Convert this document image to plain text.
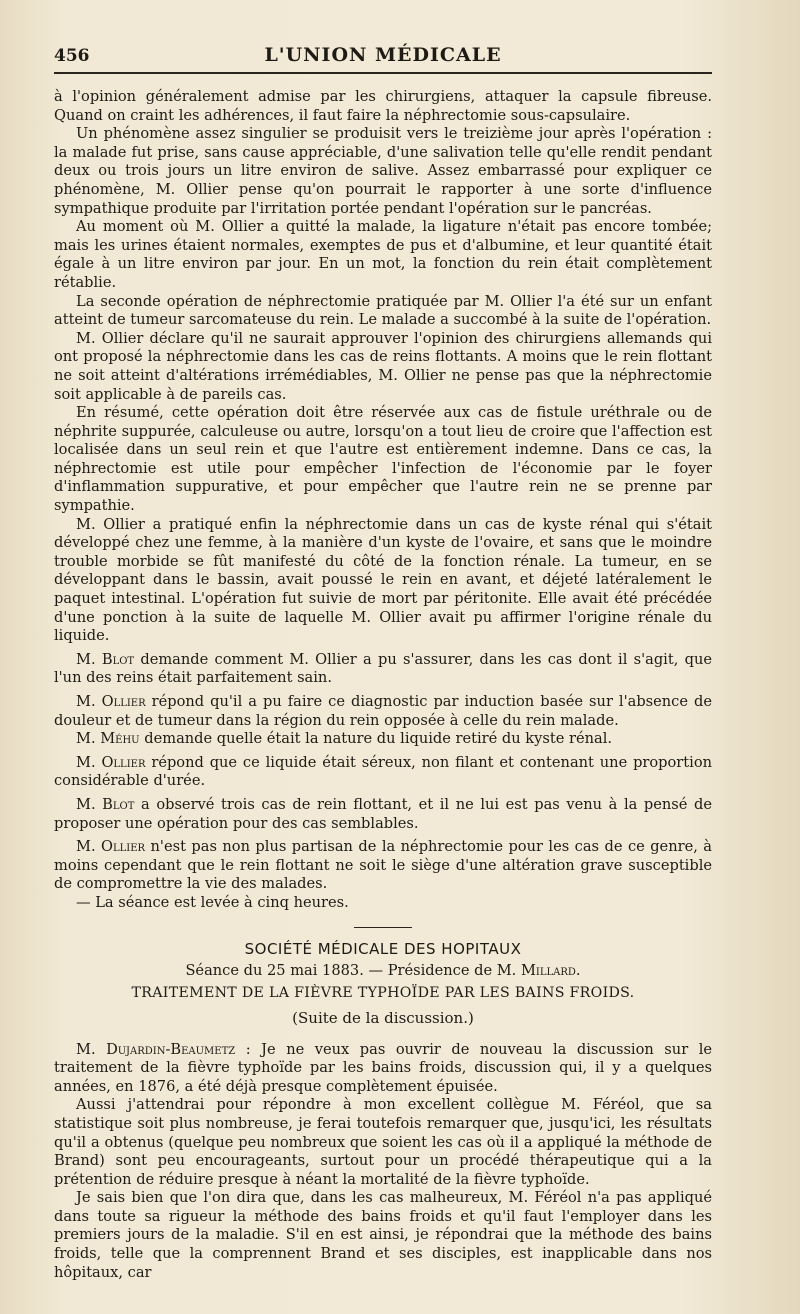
456	L'UNION MÉDICALE

à l'opinion généralement admise par les chirurgiens, attaquer la capsule fibreuse. Quand on craint les adhérences, il faut faire la néphrectomie sous-capsulaire.

Un phénomène assez singulier se produisit vers le treizième jour après l'opération : la malade fut prise, sans cause appréciable, d'une salivation telle qu'elle rendit pendant deux ou trois jours un litre environ de salive. Assez embarrassé pour expliquer ce phénomène, M. Ollier pense qu'on pourrait le rapporter à une sorte d'influence sympathique produite par l'irritation portée pendant l'opération sur le pancréas.

Au moment où M. Ollier a quitté la malade, la ligature n'était pas encore tombée; mais les urines étaient normales, exemptes de pus et d'albumine, et leur quantité était égale à un litre environ par jour. En un mot, la fonction du rein était complètement rétablie.

La seconde opération de néphrectomie pratiquée par M. Ollier l'a été sur un enfant atteint de tumeur sarcomateuse du rein. Le malade a succombé à la suite de l'opération.

M. Ollier déclare qu'il ne saurait approuver l'opinion des chirurgiens allemands qui ont proposé la néphrectomie dans les cas de reins flottants. A moins que le rein flottant ne soit atteint d'altérations irrémédiables, M. Ollier ne pense pas que la néphrectomie soit applicable à de pareils cas.

En résumé, cette opération doit être réservée aux cas de fistule uréthrale ou de néphrite suppurée, calculeuse ou autre, lorsqu'on a tout lieu de croire que l'affection est localisée dans un seul rein et que l'autre est entièrement indemne. Dans ce cas, la néphrectomie est utile pour empêcher l'infection de l'économie par le foyer d'inflammation suppurative, et pour empêcher que l'autre rein ne se prenne par sympathie.

M. Ollier a pratiqué enfin la néphrectomie dans un cas de kyste rénal qui s'était développé chez une femme, à la manière d'un kyste de l'ovaire, et sans que le moindre trouble morbide se fût manifesté du côté de la fonction rénale. La tumeur, en se développant dans le bassin, avait poussé le rein en avant, et déjeté latéralement le paquet intestinal. L'opération fut suivie de mort par péritonite. Elle avait été précédée d'une ponction à la suite de laquelle M. Ollier avait pu affirmer l'origine rénale du liquide.

M. Blot demande comment M. Ollier a pu s'assurer, dans les cas dont il s'agit, que l'un des reins était parfaitement sain.

M. Ollier répond qu'il a pu faire ce diagnostic par induction basée sur l'absence de douleur et de tumeur dans la région du rein opposée à celle du rein malade.

M. Méhu demande quelle était la nature du liquide retiré du kyste rénal.

M. Ollier répond que ce liquide était séreux, non filant et contenant une proportion considérable d'urée.

M. Blot a observé trois cas de rein flottant, et il ne lui est pas venu à la pensé de proposer une opération pour des cas semblables.

M. Ollier n'est pas non plus partisan de la néphrectomie pour les cas de ce genre, à moins cependant que le rein flottant ne soit le siège d'une altération grave susceptible de compromettre la vie des malades.

— La séance est levée à cinq heures.

SOCIÉTÉ MÉDICALE DES HOPITAUX
Séance du 25 mai 1883. — Présidence de M. Millard.
TRAITEMENT DE LA FIÈVRE TYPHOÏDE PAR LES BAINS FROIDS.
(Suite de la discussion.)

M. Dujardin-Beaumetz : Je ne veux pas ouvrir de nouveau la discussion sur le traitement de la fièvre typhoïde par les bains froids, discussion qui, il y a quelques années, en 1876, a été déjà presque complètement épuisée.

Aussi j'attendrai pour répondre à mon excellent collègue M. Féréol, que sa statistique soit plus nombreuse, je ferai toutefois remarquer que, jusqu'ici, les résultats qu'il a obtenus (quelque peu nombreux que soient les cas où il a appliqué la méthode de Brand) sont peu encourageants, surtout pour un procédé thérapeutique qui a la prétention de réduire presque à néant la mortalité de la fièvre typhoïde.

Je sais bien que l'on dira que, dans les cas malheureux, M. Féréol n'a pas appliqué dans toute sa rigueur la méthode des bains froids et qu'il faut l'employer dans les premiers jours de la maladie. S'il en est ainsi, je répondrai que la méthode des bains froids, telle que la comprennent Brand et ses disciples, est inapplicable dans nos hôpitaux, car
